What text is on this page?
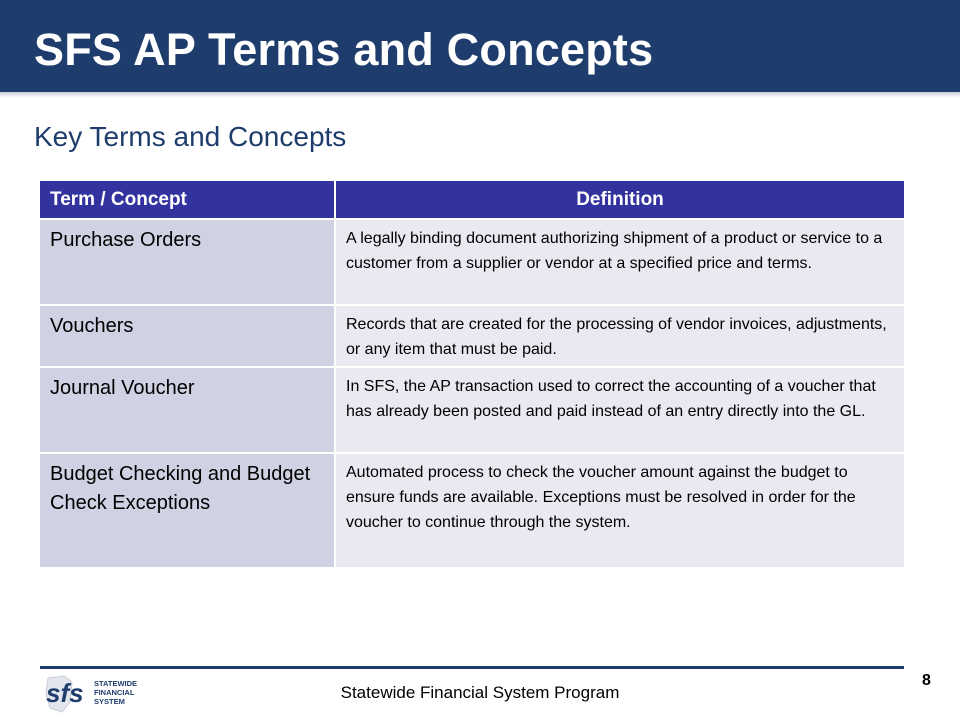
SFS AP Terms and Concepts
Key Terms and Concepts
Term / Concept	Definition
Purchase Orders	A legally binding document authorizing shipment of a product or service to a customer from a supplier or vendor at a specified price and terms.
Vouchers	Records that are created for the processing of vendor invoices, adjustments, or any item that must be paid.
Journal Voucher	In SFS, the AP transaction used to correct the accounting of a voucher that has already been posted and paid instead of an entry directly into the GL.
Budget Checking and Budget Check Exceptions	Automated process to check the voucher amount against the budget to ensure funds are available. Exceptions must be resolved in order for the voucher to continue through the system.
sfs STATEWIDE
FINANCIAL
SYSTEM	Statewide Financial System Program
8
